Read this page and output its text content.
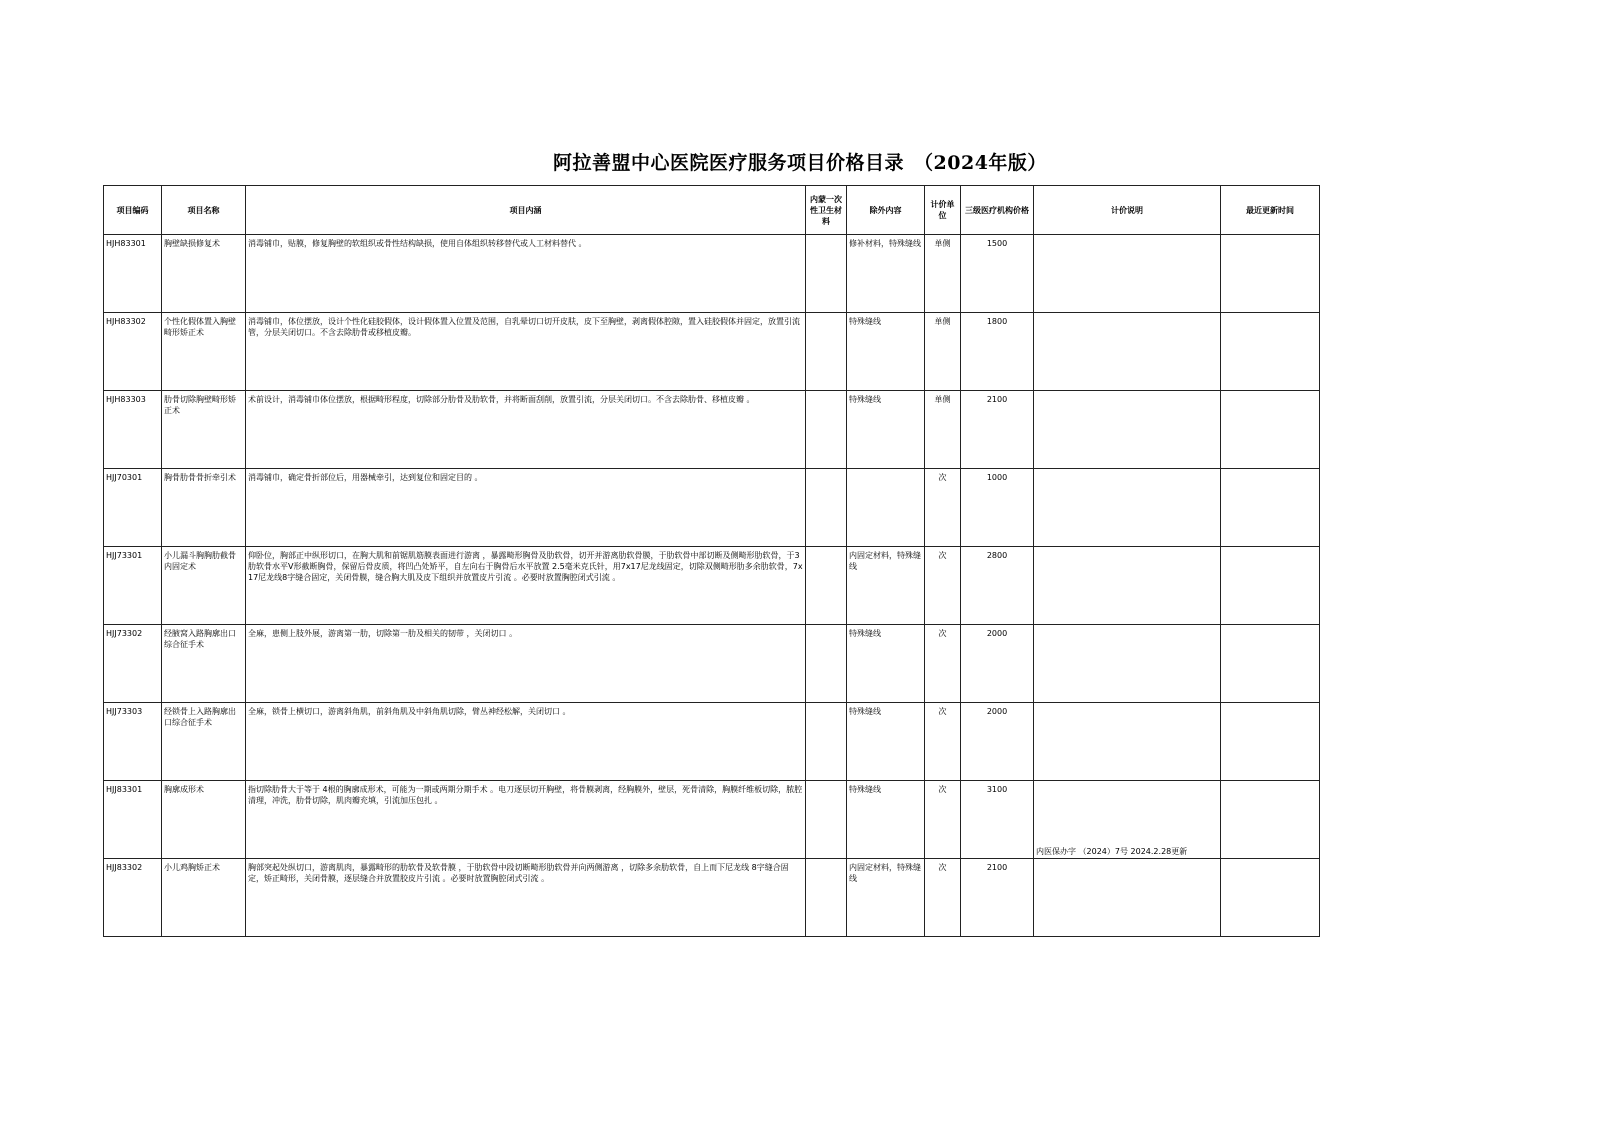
阿拉善盟中心医院医疗服务项目价格目录　（2024年版）
项目编码	项目名称	项目内涵	内蒙一次性卫生材料	除外内容	计价单位	三级医疗机构价格	计价说明	最近更新时间
HJH83301	胸壁缺损修复术	消毒铺巾，贴膜，修复胸壁的软组织或骨性结构缺损，使用自体组织转移替代或人工材料替代 。		修补材料，特殊缝线	单侧	1500	

HJH83302	个性化假体置入胸壁畸形矫正术	消毒铺巾，体位摆放，设计个性化硅胶假体，设计假体置入位置及范围，自乳晕切口切开皮肤，皮下至胸壁，剥离假体腔隙，置入硅胶假体并固定，放置引流管，分层关闭切口。不含去除肋骨或移植皮瓣。		特殊缝线	单侧	1800	

HJH83303	肋骨切除胸壁畸形矫正术	术前设计，消毒铺巾体位摆放，根据畸形程度，切除部分肋骨及肋软骨，并将断面刮削，放置引流，分层关闭切口。不含去除肋骨、移植皮瓣 。		特殊缝线	单侧	2100	

HJJ70301	胸骨肋骨骨折牵引术	消毒铺巾，确定骨折部位后，用器械牵引，达到复位和固定目的 。			次	1000	

HJJ73301	小儿漏斗胸胸肋截骨内固定术	仰卧位，胸部正中纵形切口，在胸大肌和前锯肌筋膜表面进行游离 ，暴露畸形胸骨及肋软骨，切开并游离肋软骨膜，于肋软骨中部切断及侧畸形肋软骨，于3肋软骨水平V形截断胸骨，保留后骨皮质，将凹凸处矫平，自左向右于胸骨后水平放置 2.5毫米克氏针，用7x17尼龙线固定，切除双侧畸形肋多余肋软骨，7x17尼龙线8字缝合固定，关闭骨膜，缝合胸大肌及皮下组织并放置皮片引流 。必要时放置胸腔闭式引流 。		内固定材料，特殊缝线	次	2800	

HJJ73302	经腋窝入路胸廓出口综合征手术	全麻，患侧上肢外展，游离第一肋，切除第一肋及相关的韧带 ，关闭切口 。		特殊缝线	次	2000	

HJJ73303	经锁骨上入路胸廓出口综合征手术	全麻，锁骨上横切口，游离斜角肌，前斜角肌及中斜角肌切除，臂丛神经松解，关闭切口 。		特殊缝线	次	2000	

HJJ83301	胸廓成形术	指切除肋骨大于等于 4根的胸廓成形术，可能为一期或两期分期手术 。电刀逐层切开胸壁，将骨膜剥离，经胸膜外，壁层，死骨清除，胸膜纤维板切除，脓腔清理，冲洗，肋骨切除，肌肉瓣充填，引流加压包扎 。		特殊缝线	次	3100	内医保办字 （2024）7号 2024.2.28更新	

HJJ83302	小儿鸡胸矫正术	胸部突起处纵切口，游离肌肉，暴露畸形的肋软骨及软骨膜 ，于肋软骨中段切断畸形肋软骨并向两侧游离 ，切除多余肋软骨，自上而下尼龙线 8字缝合固定，矫正畸形，关闭骨膜，逐层缝合并放置胶皮片引流 。必要时放置胸腔闭式引流 。		内固定材料，特殊缝线	次	2100	
